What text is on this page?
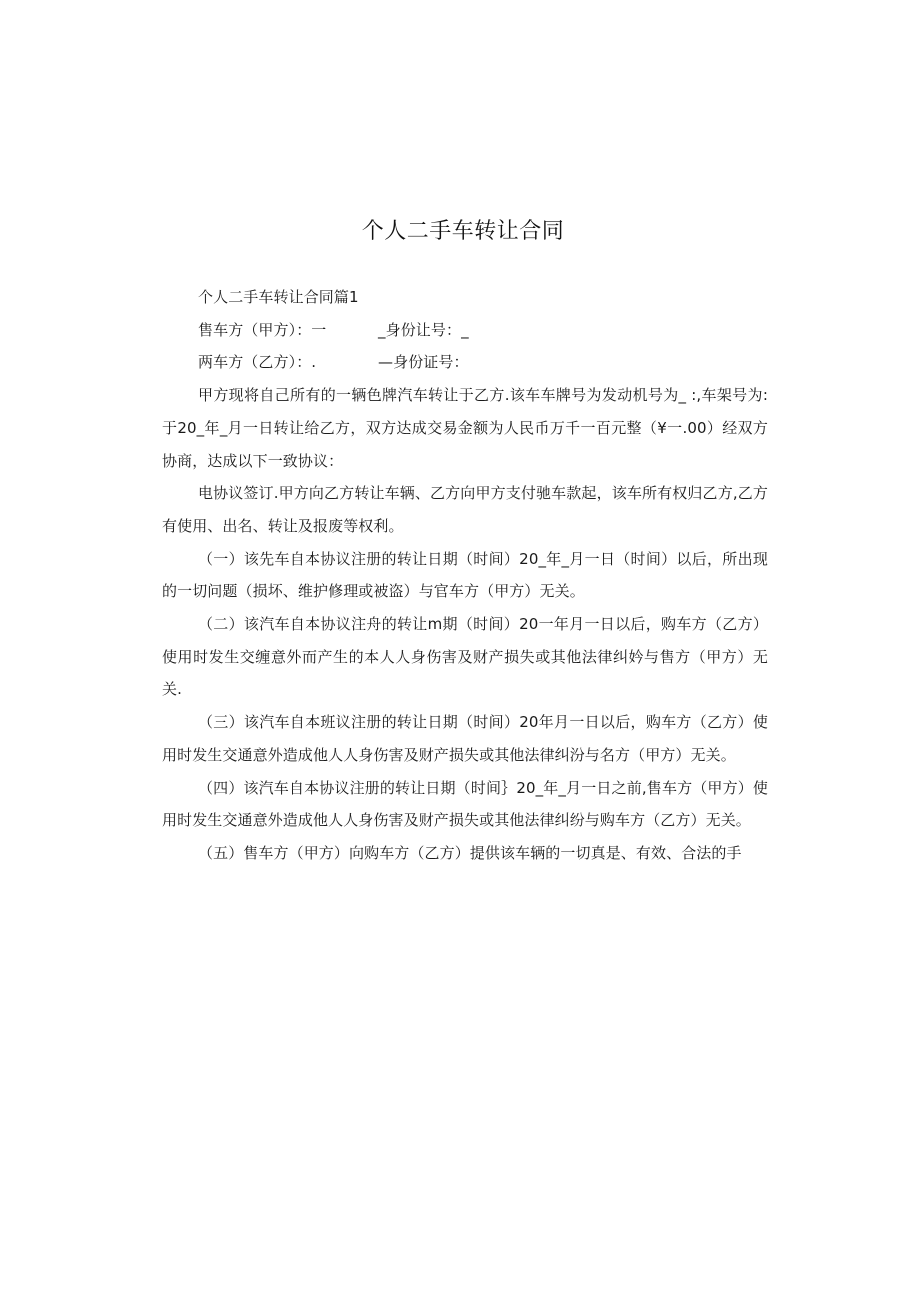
个人二手车转让合同
个人二手车转让合同篇1
售车方（甲方）：一	_身份让号：_
两车方（乙方）：.	—身份证号：

甲方现将自己所有的一辆色牌汽车转让于乙方.该车车牌号为发动机号为_ :,车架号为:于20_年_月一日转让给乙方，双方达成交易金额为人民币万千一百元整（¥一.00）经双方协商，达成以下一致协议：

电协议签订.甲方向乙方转让车辆、乙方向甲方支付驰车款起，该车所有权归乙方,乙方有使用、出名、转让及报废等权利。

（一）该先车自本协议注册的转让日期（时间）20_年_月一日（时间）以后，所出现的一切问题（损坏、维护修理或被盗）与官车方（甲方）无关。

（二）该汽车自本协议注舟的转让m期（时间）20一年月一日以后，购车方（乙方）使用时发生交缠意外而产生的本人人身伤害及财产损失或其他法律纠妗与售方（甲方）无关.

（三）该汽车自本班议注册的转让日期（时间）20年月一日以后，购车方（乙方）使用时发生交通意外造成他人人身伤害及财产损失或其他法律纠汾与名方（甲方）无关。

（四）该汽车自本协议注册的转让日期（时间｝20_年_月一日之前,售车方（甲方）使用时发生交通意外造成他人人身伤害及财产损失或其他法律纠纷与购车方（乙方）无关。

（五）售车方（甲方）向购车方（乙方）提供该车辆的一切真是、有效、合法的手
